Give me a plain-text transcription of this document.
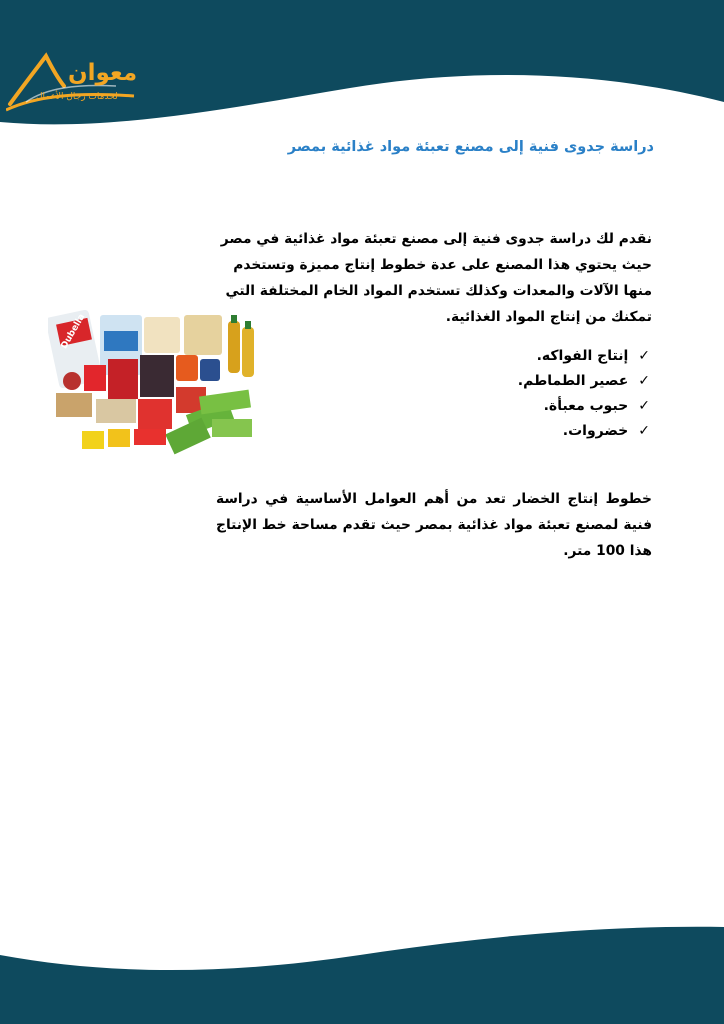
معوان
لخدمات رجال الأعمال
دراسة جدوى فنية إلى مصنع تعبئة مواد غذائية بمصر

نقدم لك دراسة جدوى فنية إلى مصنع تعبئة مواد غذائية في مصر حيث يحتوي هذا المصنع على عدة خطوط إنتاج مميزة وتستخدم منها الآلات والمعدات وكذلك تستخدم المواد الخام المختلفة التي تمكنك من إنتاج المواد الغذائية.

Dubella
✓إنتاج الفواكه.
✓عصير الطماطم.
✓حبوب معبأة.
✓خضروات.

خطوط إنتاج الخضار تعد من أهم العوامل الأساسية في دراسة فنية لمصنع تعبئة مواد غذائية بمصر حيث تقدم مساحة خط الإنتاج هذا 100 متر.
